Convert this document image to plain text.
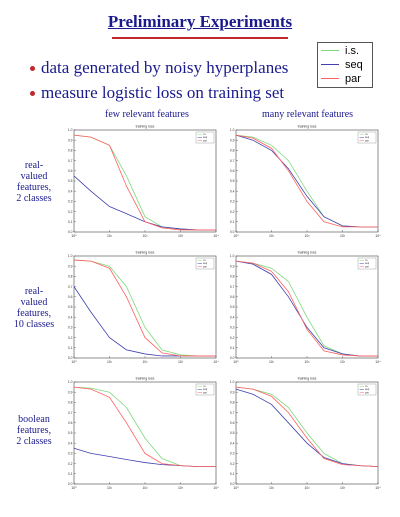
Preliminary Experiments
i.s.
seq
par
data generated by noisy hyperplanes
measure logistic loss on training set
few relevant features	many relevant features
real-
valued
features,
2 classes
real-
valued
features,
10 classes
boolean
features,
2 classes
training loss
10⁰	10¹	10²	10³	10⁴
0.0
0.1
0.2
0.3
0.4
0.5
0.6
0.7
0.8
0.9
1.0
i.s.
seq
par
training loss
10⁰	10¹	10²	10³	10⁴
0.0
0.1
0.2
0.3
0.4
0.5
0.6
0.7
0.8
0.9
1.0
i.s.
seq
par
training loss
10⁰	10¹	10²	10³	10⁴
0.0
0.1
0.2
0.3
0.4
0.5
0.6
0.7
0.8
0.9
1.0
i.s.
seq
par
training loss
10⁰	10¹	10²	10³	10⁴
0.0
0.1
0.2
0.3
0.4
0.5
0.6
0.7
0.8
0.9
1.0
i.s.
seq
par
training loss
10⁰	10¹	10²	10³	10⁴
0.0
0.1
0.2
0.3
0.4
0.5
0.6
0.7
0.8
0.9
1.0
i.s.
seq
par
training loss
10⁰	10¹	10²	10³	10⁴
0.0
0.1
0.2
0.3
0.4
0.5
0.6
0.7
0.8
0.9
1.0
i.s.
seq
par
